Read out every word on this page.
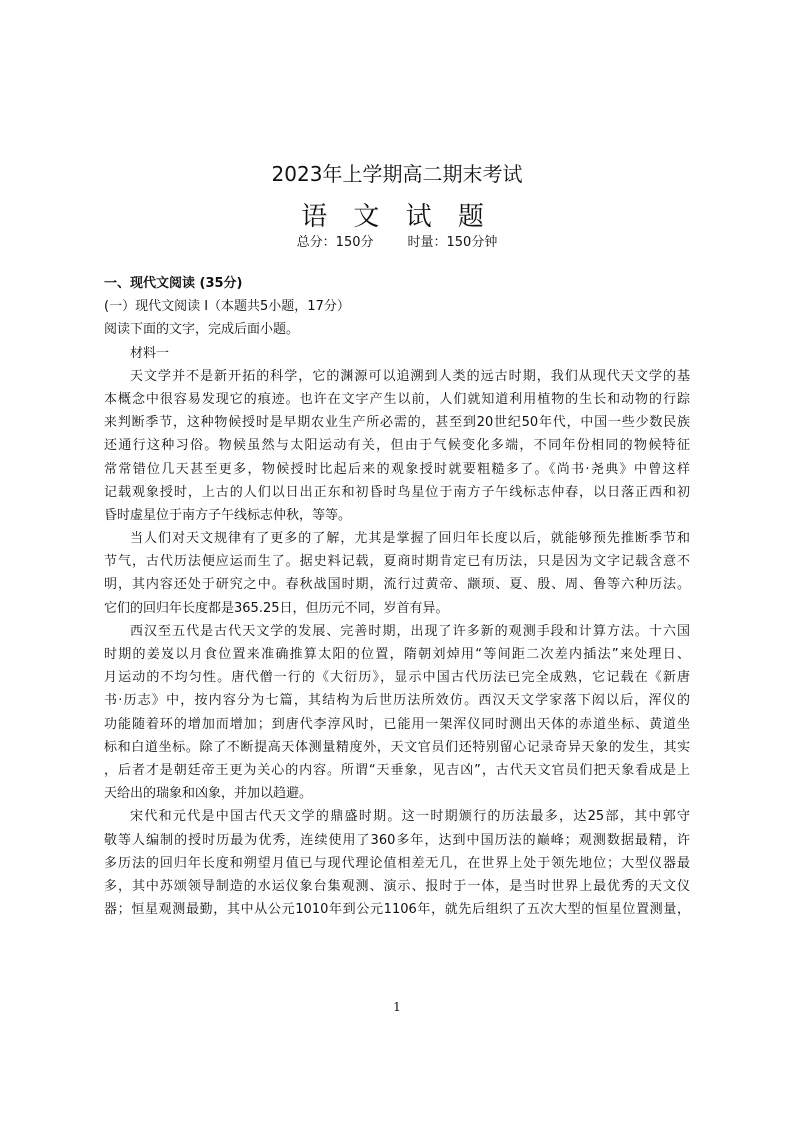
2023年上学期高二期末考试
语 文 试 题
总分：150分	时量：150分钟
一、现代文阅读 (35分)
(一）现代文阅读 I（本题共5小题，17分）
阅读下面的文字，完成后面小题。
材料一
天文学并不是新开拓的科学，它的渊源可以追溯到人类的远古时期，我们从现代天文学的基
本概念中很容易发现它的痕迹。也许在文字产生以前，人们就知道利用植物的生长和动物的行踪
来判断季节，这种物候授时是早期农业生产所必需的，甚至到20世纪50年代，中国一些少数民族
还通行这种习俗。物候虽然与太阳运动有关，但由于气候变化多端，不同年份相同的物候特征
常常错位几天甚至更多，物候授时比起后来的观象授时就要粗糙多了。《尚书·尧典》中曾这样
记载观象授时，上古的人们以日出正东和初昏时鸟星位于南方子午线标志仲春，以日落正西和初
昏时虚星位于南方子午线标志仲秋，等等。
当人们对天文规律有了更多的了解，尤其是掌握了回归年长度以后，就能够预先推断季节和
节气，古代历法便应运而生了。据史料记载，夏商时期肯定已有历法，只是因为文字记载含意不
明，其内容还处于研究之中。春秋战国时期，流行过黄帝、颛顼、夏、殷、周、鲁等六种历法。
它们的回归年长度都是365.25日，但历元不同，岁首有异。
西汉至五代是古代天文学的发展、完善时期，出现了许多新的观测手段和计算方法。十六国
时期的姜岌以月食位置来准确推算太阳的位置，隋朝刘焯用“等间距二次差内插法”来处理日、
月运动的不均匀性。唐代僧一行的《大衍历》，显示中国古代历法已完全成熟，它记载在《新唐
书·历志》中，按内容分为七篇，其结构为后世历法所效仿。西汉天文学家落下闳以后，浑仪的
功能随着环的增加而增加；到唐代李淳风时，已能用一架浑仪同时测出天体的赤道坐标、黄道坐
标和白道坐标。除了不断提高天体测量精度外，天文官员们还特别留心记录奇异天象的发生，其实
，后者才是朝廷帝王更为关心的内容。所谓“天垂象，见吉凶”，古代天文官员们把天象看成是上
天给出的瑞象和凶象，并加以趋避。
宋代和元代是中国古代天文学的鼎盛时期。这一时期颁行的历法最多，达25部，其中郭守
敬等人编制的授时历最为优秀，连续使用了360多年，达到中国历法的巅峰；观测数据最精，许
多历法的回归年长度和朔望月值已与现代理论值相差无几，在世界上处于领先地位；大型仪器最
多，其中苏颂领导制造的水运仪象台集观测、演示、报时于一体，是当时世界上最优秀的天文仪
器；恒星观测最勤，其中从公元1010年到公元1106年，就先后组织了五次大型的恒星位置测量，
1
